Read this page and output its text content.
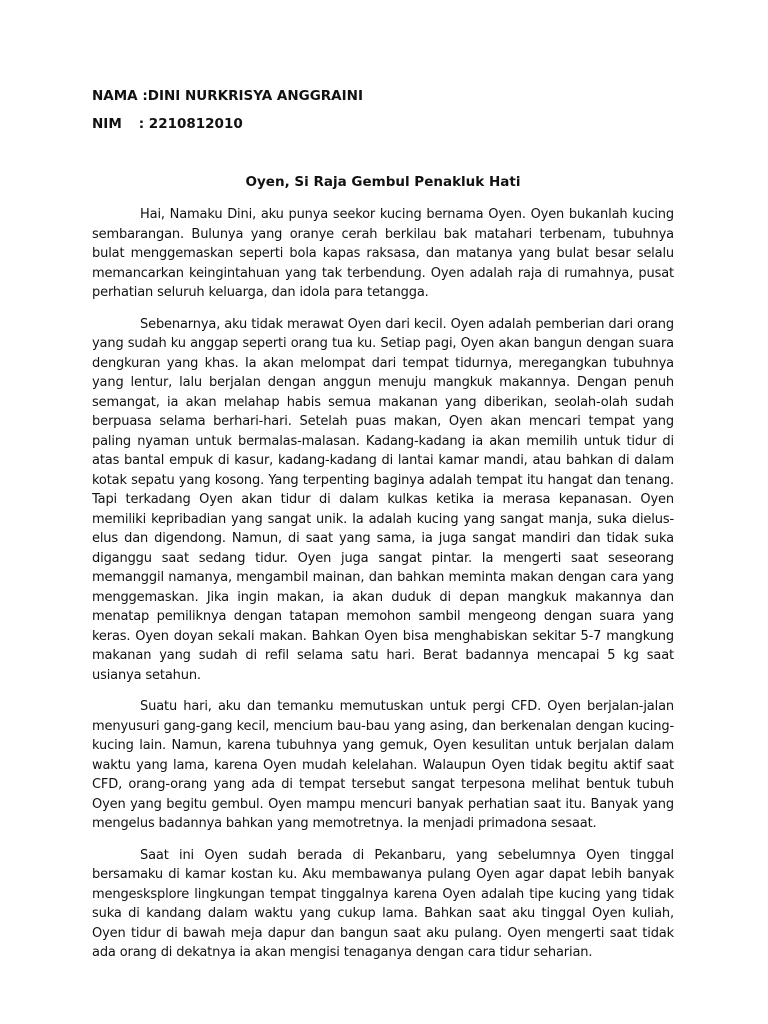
NAMA :DINI NURKRISYA ANGGRAINI

NIM : 2210812010

Oyen, Si Raja Gembul Penakluk Hati

Hai, Namaku Dini, aku punya seekor kucing bernama Oyen. Oyen bukanlah kucing sembarangan. Bulunya yang oranye cerah berkilau bak matahari terbenam, tubuhnya bulat menggemaskan seperti bola kapas raksasa, dan matanya yang bulat besar selalu memancarkan keingintahuan yang tak terbendung. Oyen adalah raja di rumahnya, pusat perhatian seluruh keluarga, dan idola para tetangga.

Sebenarnya, aku tidak merawat Oyen dari kecil. Oyen adalah pemberian dari orang yang sudah ku anggap seperti orang tua ku. Setiap pagi, Oyen akan bangun dengan suara dengkuran yang khas. Ia akan melompat dari tempat tidurnya, meregangkan tubuhnya yang lentur, lalu berjalan dengan anggun menuju mangkuk makannya. Dengan penuh semangat, ia akan melahap habis semua makanan yang diberikan, seolah-olah sudah berpuasa selama berhari-hari. Setelah puas makan, Oyen akan mencari tempat yang paling nyaman untuk bermalas-malasan. Kadang-kadang ia akan memilih untuk tidur di atas bantal empuk di kasur, kadang-kadang di lantai kamar mandi, atau bahkan di dalam kotak sepatu yang kosong. Yang terpenting baginya adalah tempat itu hangat dan tenang. Tapi terkadang Oyen akan tidur di dalam kulkas ketika ia merasa kepanasan. Oyen memiliki kepribadian yang sangat unik. Ia adalah kucing yang sangat manja, suka dielus-elus dan digendong. Namun, di saat yang sama, ia juga sangat mandiri dan tidak suka diganggu saat sedang tidur. Oyen juga sangat pintar. Ia mengerti saat seseorang memanggil namanya, mengambil mainan, dan bahkan meminta makan dengan cara yang menggemaskan. Jika ingin makan, ia akan duduk di depan mangkuk makannya dan menatap pemiliknya dengan tatapan memohon sambil mengeong dengan suara yang keras. Oyen doyan sekali makan. Bahkan Oyen bisa menghabiskan sekitar 5-7 mangkung makanan yang sudah di refil selama satu hari. Berat badannya mencapai 5 kg saat usianya setahun.

Suatu hari, aku dan temanku memutuskan untuk pergi CFD. Oyen berjalan-jalan menyusuri gang-gang kecil, mencium bau-bau yang asing, dan berkenalan dengan kucing-kucing lain. Namun, karena tubuhnya yang gemuk, Oyen kesulitan untuk berjalan dalam waktu yang lama, karena Oyen mudah kelelahan. Walaupun Oyen tidak begitu aktif saat CFD, orang-orang yang ada di tempat tersebut sangat terpesona melihat bentuk tubuh Oyen yang begitu gembul. Oyen mampu mencuri banyak perhatian saat itu. Banyak yang mengelus badannya bahkan yang memotretnya. Ia menjadi primadona sesaat.

Saat ini Oyen sudah berada di Pekanbaru, yang sebelumnya Oyen tinggal bersamaku di kamar kostan ku. Aku membawanya pulang Oyen agar dapat lebih banyak mengesksplore lingkungan tempat tinggalnya karena Oyen adalah tipe kucing yang tidak suka di kandang dalam waktu yang cukup lama. Bahkan saat aku tinggal Oyen kuliah, Oyen tidur di bawah meja dapur dan bangun saat aku pulang. Oyen mengerti saat tidak ada orang di dekatnya ia akan mengisi tenaganya dengan cara tidur seharian.
